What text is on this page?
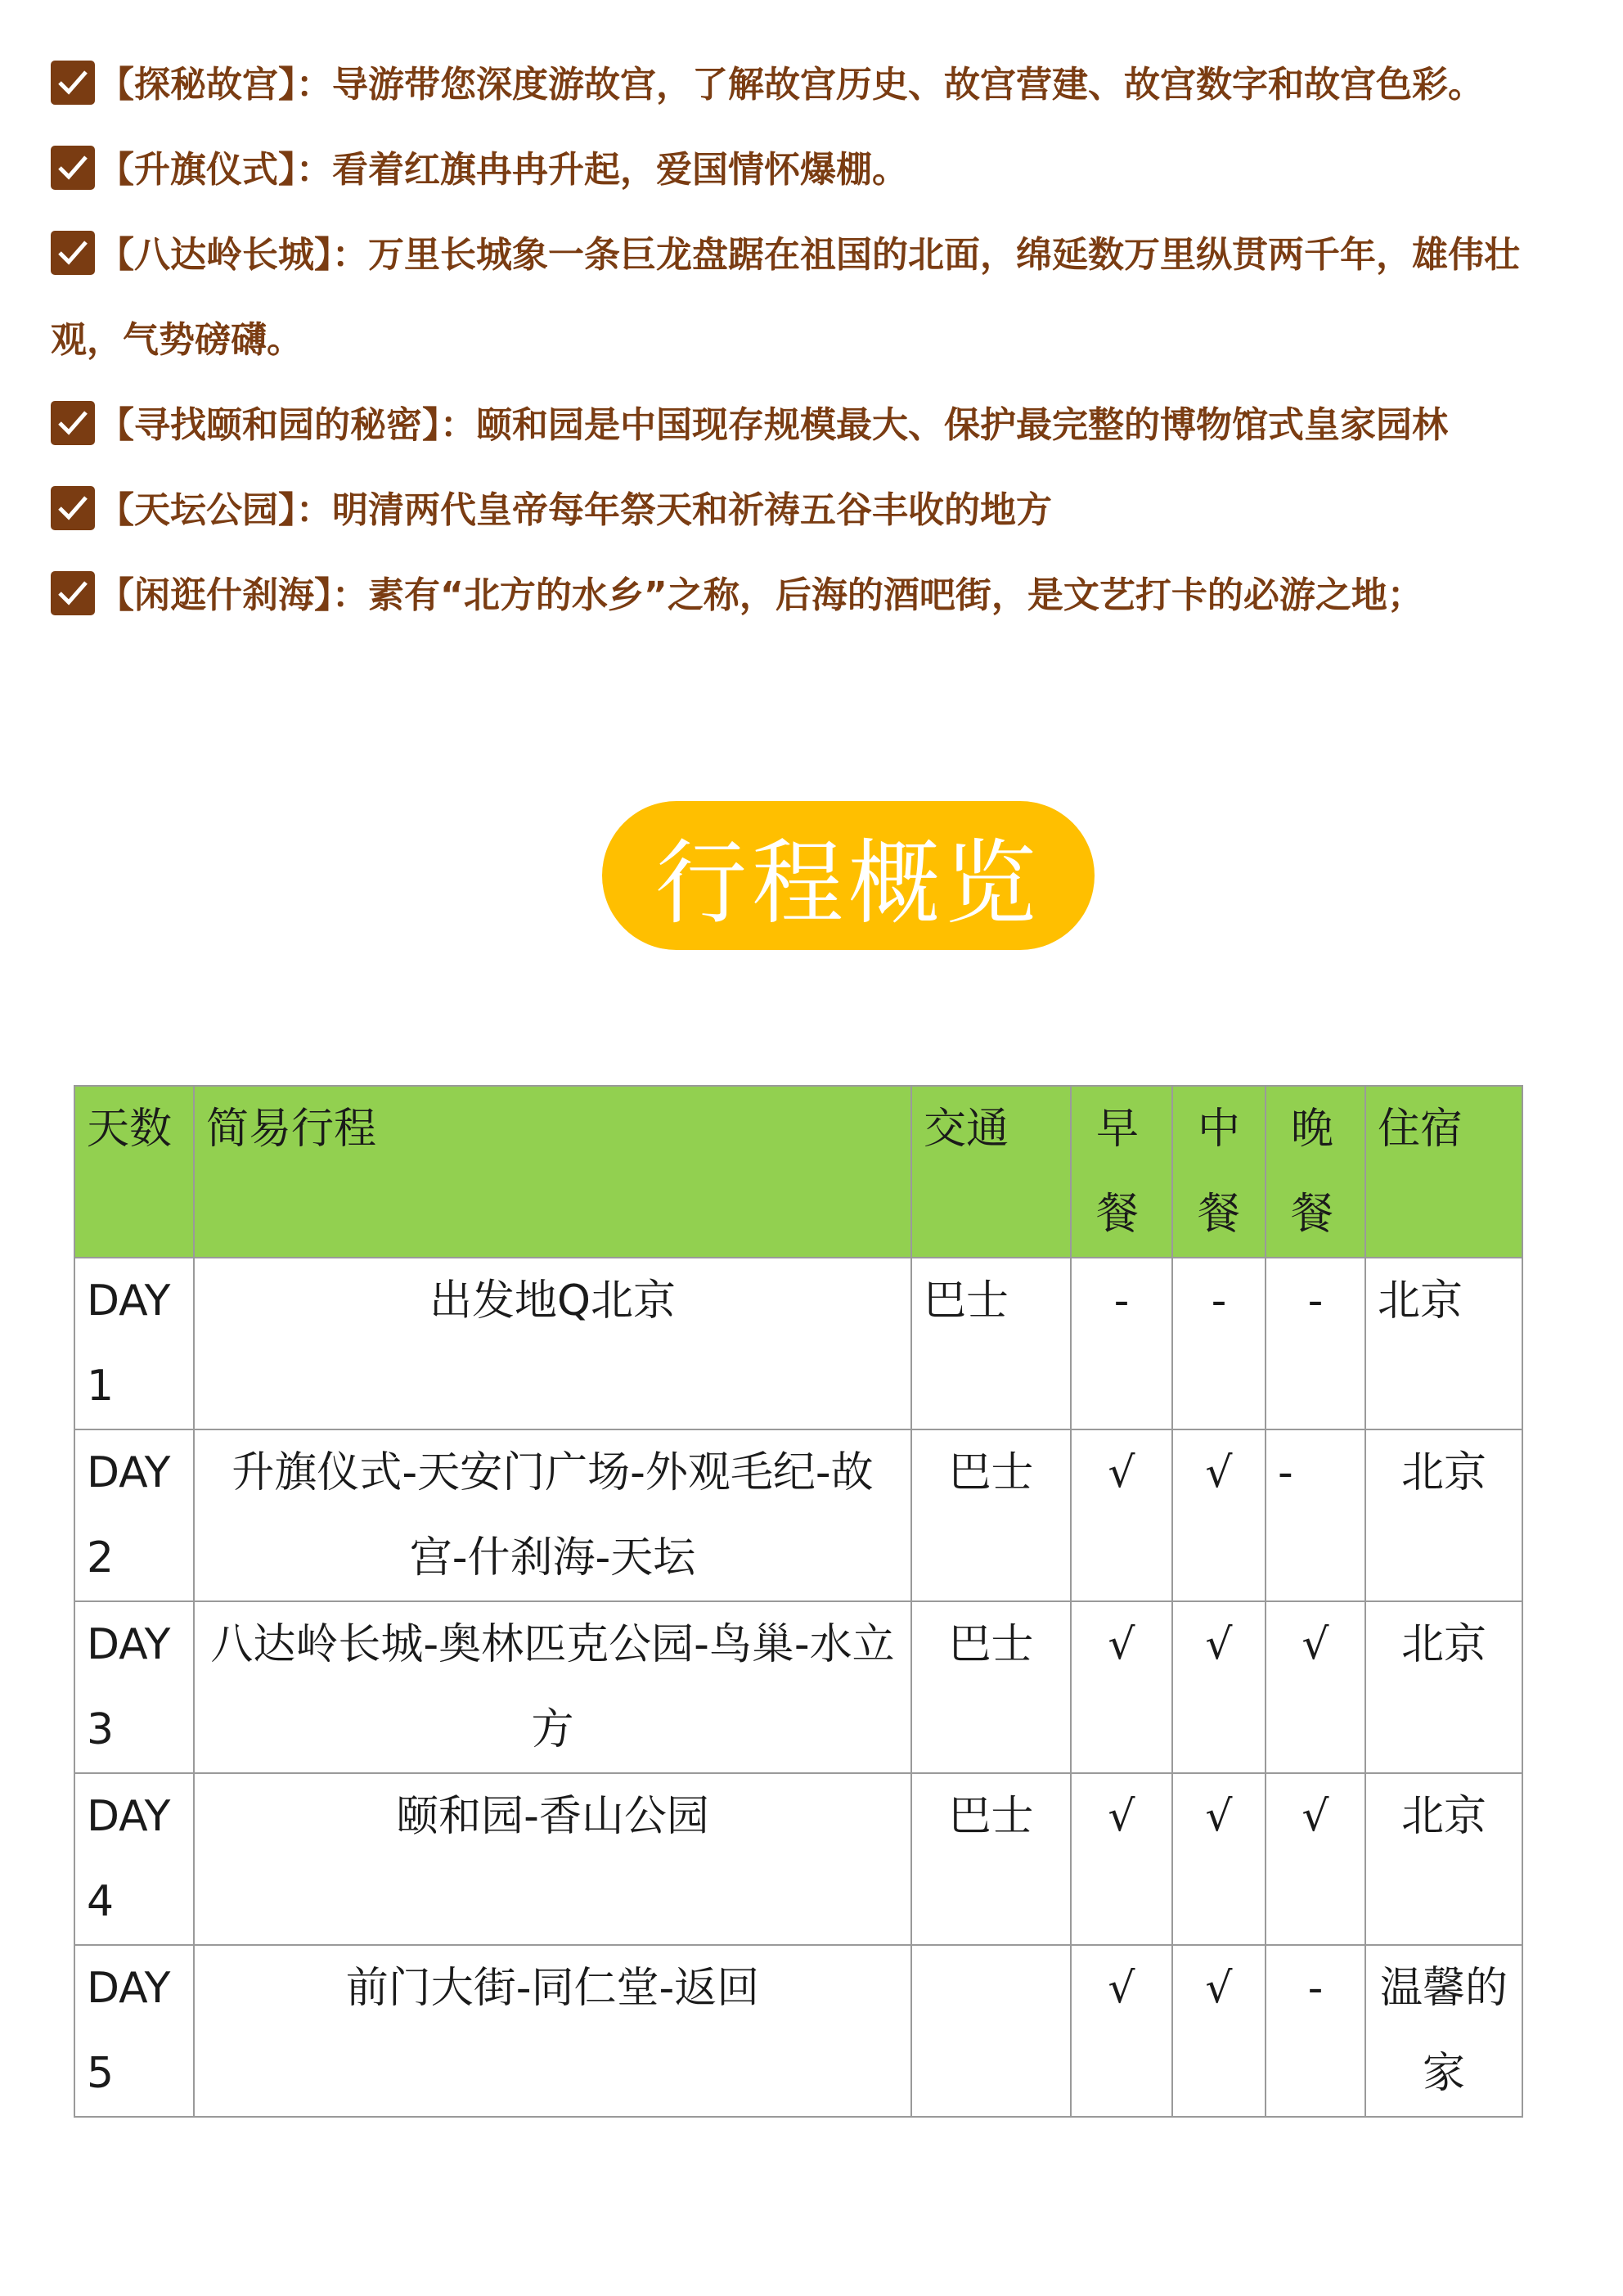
【探秘故宫】：导游带您深度游故宫，了解故宫历史、故宫营建、故宫数字和故宫色彩。

【升旗仪式】：看着红旗冉冉升起，爱国情怀爆棚。

【八达岭长城】：万里长城象一条巨龙盘踞在祖国的北面，绵延数万里纵贯两千年，雄伟壮观，气势磅礴。

【寻找颐和园的秘密】：颐和园是中国现存规模最大、保护最完整的博物馆式皇家园林

【天坛公园】：明清两代皇帝每年祭天和祈祷五谷丰收的地方

【闲逛什刹海】：素有“北方的水乡”之称，后海的酒吧街，是文艺打卡的必游之地；

行程概览
天数	简易行程	交通	早餐	中餐	晚餐	住宿
DAY1	出发地Q北京	巴士	-	-	-	北京
DAY2	升旗仪式-天安门广场-外观毛纪-故宫-什刹海-天坛	巴士	√	√	-	北京
DAY3	八达岭长城-奥林匹克公园-鸟巢-水立方	巴士	√	√	√	北京
DAY4	颐和园-香山公园	巴士	√	√	√	北京
DAY5	前门大街-同仁堂-返回		√	√	-	温馨的家
